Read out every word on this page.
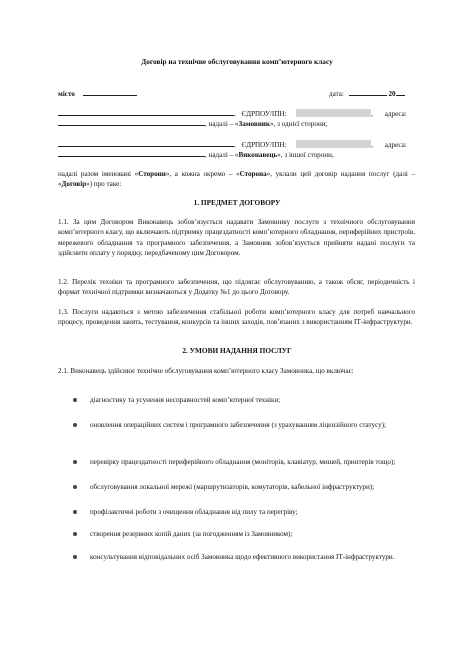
Договір на технічне обслуговування комп’ютерного класу
місто	дата:	20
, ЄДРПОУ/ІПН:	, адреса:
, надалі – «Замовник», з однієї сторони,
, ЄДРПОУ/ІПН:	, адреса:
, надалі – «Виконавець», з іншої сторони,
надалі разом іменовані «Сторони», а кожна окремо – «Сторона», уклали цей договір надання послуг (далі – «Договір») про таке:
1. ПРЕДМЕТ ДОГОВОРУ
1.1. За цим Договором Виконавець зобов’язується надавати Замовнику послуги з технічного обслуговування комп’ютерного класу, що включають підтримку працездатності комп’ютерного обладнання, периферійних пристроїв, мережевого обладнання та програмного забезпечення, а Замовник зобов’язується прийняти надані послуги та здійснити оплату у порядку, передбаченому цим Договором.
1.2. Перелік техніки та програмного забезпечення, що підлягає обслуговуванню, а також обсяг, періодичність і формат технічної підтримки визначаються у Додатку №1 до цього Договору.
1.3. Послуги надаються з метою забезпечення стабільної роботи комп’ютерного класу для потреб навчального процесу, проведення занять, тестування, конкурсів та інших заходів, пов’язаних з використанням ІТ-інфраструктури.
2. УМОВИ НАДАННЯ ПОСЛУГ
2.1. Виконавець здійснює технічне обслуговування комп’ютерного класу Замовника, що включає:
діагностику та усунення несправностей комп’ютерної техніки;
оновлення операційних систем і програмного забезпечення (з урахуванням ліцензійного статусу);
перевірку працездатності периферійного обладнання (моніторів, клавіатур, мишей, принтерів тощо);
обслуговування локальної мережі (маршрутизаторів, комутаторів, кабельної інфраструктури);
профілактичні роботи з очищення обладнання від пилу та перегріву;
створення резервних копій даних (за погодженням із Замовником);
консультування відповідальних осіб Замовника щодо ефективного використання ІТ-інфраструктури.
